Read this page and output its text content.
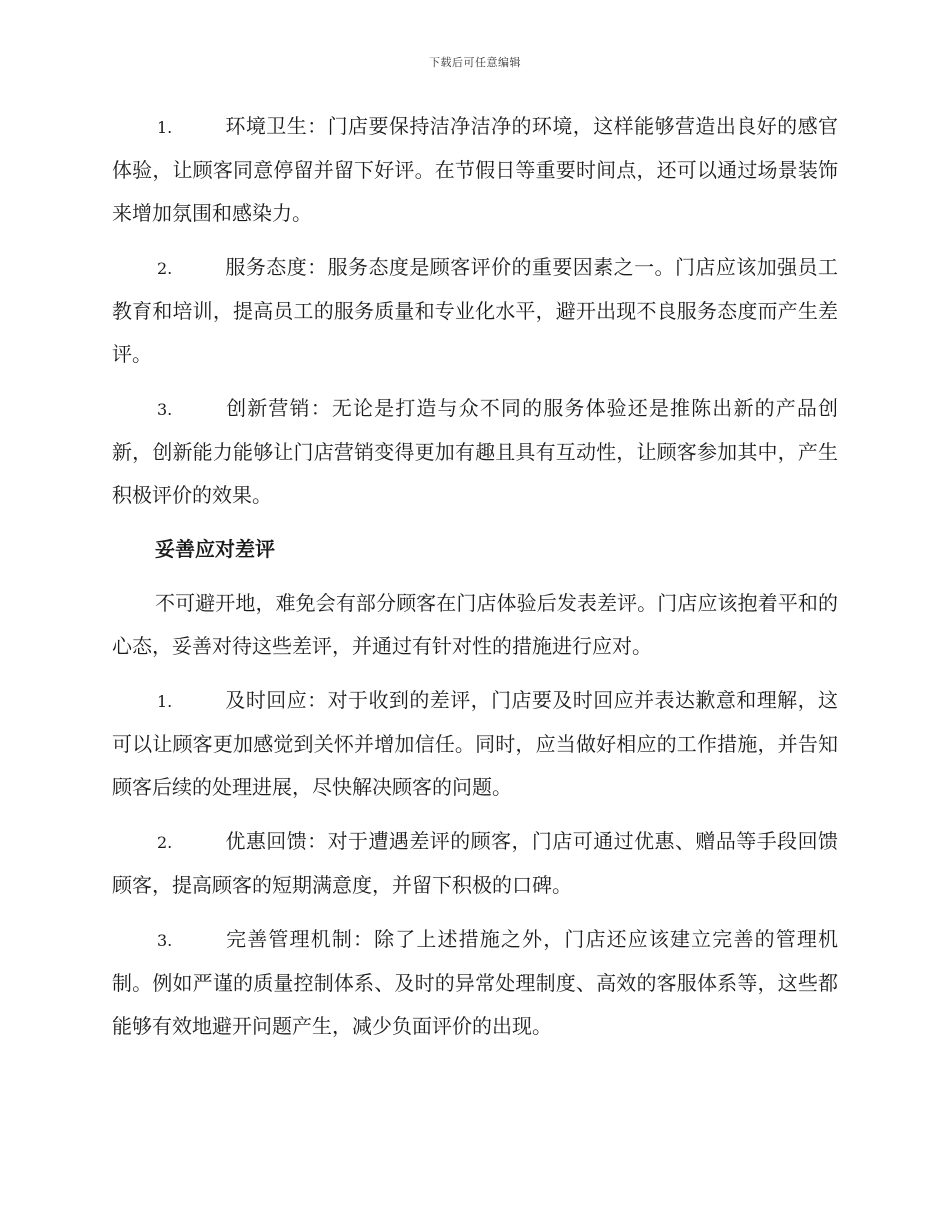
下载后可任意编辑

1.	环境卫生：门店要保持洁净洁净的环境，这样能够营造出良好的感官体验，让顾客同意停留并留下好评。在节假日等重要时间点，还可以通过场景装饰来增加氛围和感染力。

2.	服务态度：服务态度是顾客评价的重要因素之一。门店应该加强员工教育和培训，提高员工的服务质量和专业化水平，避开出现不良服务态度而产生差评。

3.	创新营销：无论是打造与众不同的服务体验还是推陈出新的产品创新，创新能力能够让门店营销变得更加有趣且具有互动性，让顾客参加其中，产生积极评价的效果。

妥善应对差评

不可避开地，难免会有部分顾客在门店体验后发表差评。门店应该抱着平和的心态，妥善对待这些差评，并通过有针对性的措施进行应对。

1.	及时回应：对于收到的差评，门店要及时回应并表达歉意和理解，这可以让顾客更加感觉到关怀并增加信任。同时，应当做好相应的工作措施，并告知顾客后续的处理进展，尽快解决顾客的问题。

2.	优惠回馈：对于遭遇差评的顾客，门店可通过优惠、赠品等手段回馈顾客，提高顾客的短期满意度，并留下积极的口碑。

3.	完善管理机制：除了上述措施之外，门店还应该建立完善的管理机制。例如严谨的质量控制体系、及时的异常处理制度、高效的客服体系等，这些都能够有效地避开问题产生，减少负面评价的出现。
